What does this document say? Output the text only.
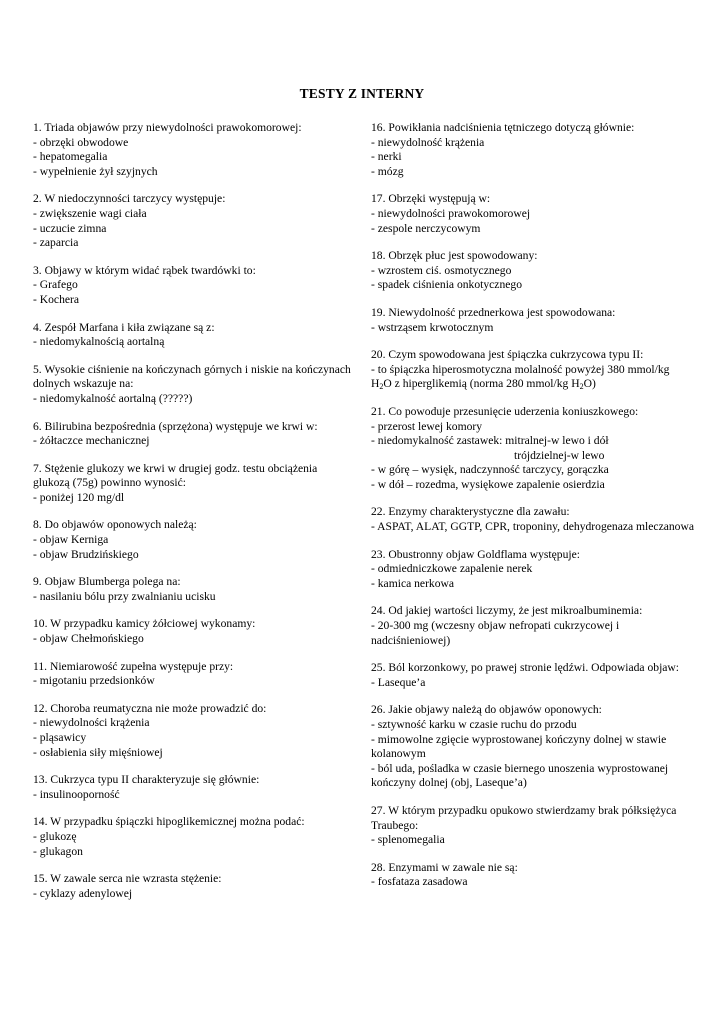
TESTY Z INTERNY
1. Triada objawów przy niewydolności prawokomorowej:
- obrzęki obwodowe
- hepatomegalia
- wypełnienie żył szyjnych
2. W niedoczynności tarczycy występuje:
- zwiększenie wagi ciała
- uczucie zimna
- zaparcia
3. Objawy w którym widać rąbek twardówki to:
- Grafego
- Kochera
4. Zespół Marfana i kiła związane są z:
- niedomykalnością aortalną
5. Wysokie ciśnienie na kończynach górnych i niskie na kończynach dolnych wskazuje na:
- niedomykalność aortalną (?????)
6. Bilirubina bezpośrednia (sprzężona) występuje we krwi w:
- żółtaczce mechanicznej
7. Stężenie glukozy we krwi w drugiej godz. testu obciążenia glukozą (75g) powinno wynosić:
- poniżej 120 mg/dl
8. Do objawów oponowych należą:
- objaw Kerniga
- objaw Brudzińskiego
9. Objaw Blumberga polega na:
- nasilaniu bólu przy zwalnianiu ucisku
10. W przypadku kamicy żółciowej wykonamy:
- objaw Chełmońskiego
11. Niemiarowość zupełna występuje przy:
- migotaniu przedsionków
12. Choroba reumatyczna nie może prowadzić do:
- niewydolności krążenia
- pląsawicy
- osłabienia siły mięśniowej
13. Cukrzyca typu II charakteryzuje się głównie:
- insulinooporność
14. W przypadku śpiączki hipoglikemicznej można podać:
- glukozę
- glukagon
15. W zawale serca nie wzrasta stężenie:
- cyklazy adenylowej
16. Powikłania nadciśnienia tętniczego dotyczą głównie:
- niewydolność krążenia
- nerki
- mózg
17. Obrzęki występują w:
- niewydolności prawokomorowej
- zespole nerczycowym
18. Obrzęk płuc jest spowodowany:
- wzrostem ciś. osmotycznego
- spadek ciśnienia onkotycznego
19. Niewydolność przednerkowa jest spowodowana:
- wstrząsem krwotocznym
20. Czym spowodowana jest śpiączka cukrzycowa typu II:
- to śpiączka hiperosmotyczna molalność powyżej 380 mmol/kg
$H_2O$ z hiperglikemią (norma 280 mmol/kg $H_2O$)
21. Co powoduje przesunięcie uderzenia koniuszkowego:
- przerost lewej komory
- niedomykalność zastawek: mitralnej-w lewo i dół
trójdzielnej-w lewo
- w górę – wysięk, nadczynność tarczycy, gorączka
- w dół – rozedma, wysiękowe zapalenie osierdzia
22. Enzymy charakterystyczne dla zawału:
- ASPAT, ALAT, GGTP, CPR, troponiny, dehydrogenaza mleczanowa
23. Obustronny objaw Goldflama występuje:
- odmiedniczkowe zapalenie nerek
- kamica nerkowa
24. Od jakiej wartości liczymy, że jest mikroalbuminemia:
- 20-300 mg (wczesny objaw nefropati cukrzycowej i nadciśnieniowej)
25. Ból korzonkowy, po prawej stronie lędźwi. Odpowiada objaw:
- Laseque’a
26. Jakie objawy należą do objawów oponowych:
- sztywność karku w czasie ruchu do przodu
- mimowolne zgięcie wyprostowanej kończyny dolnej w stawie kolanowym
- ból uda, pośladka w czasie biernego unoszenia wyprostowanej kończyny dolnej (obj, Laseque’a)
27. W którym przypadku opukowo stwierdzamy brak półksiężyca Traubego:
- splenomegalia
28. Enzymami w zawale nie są:
- fosfataza zasadowa
